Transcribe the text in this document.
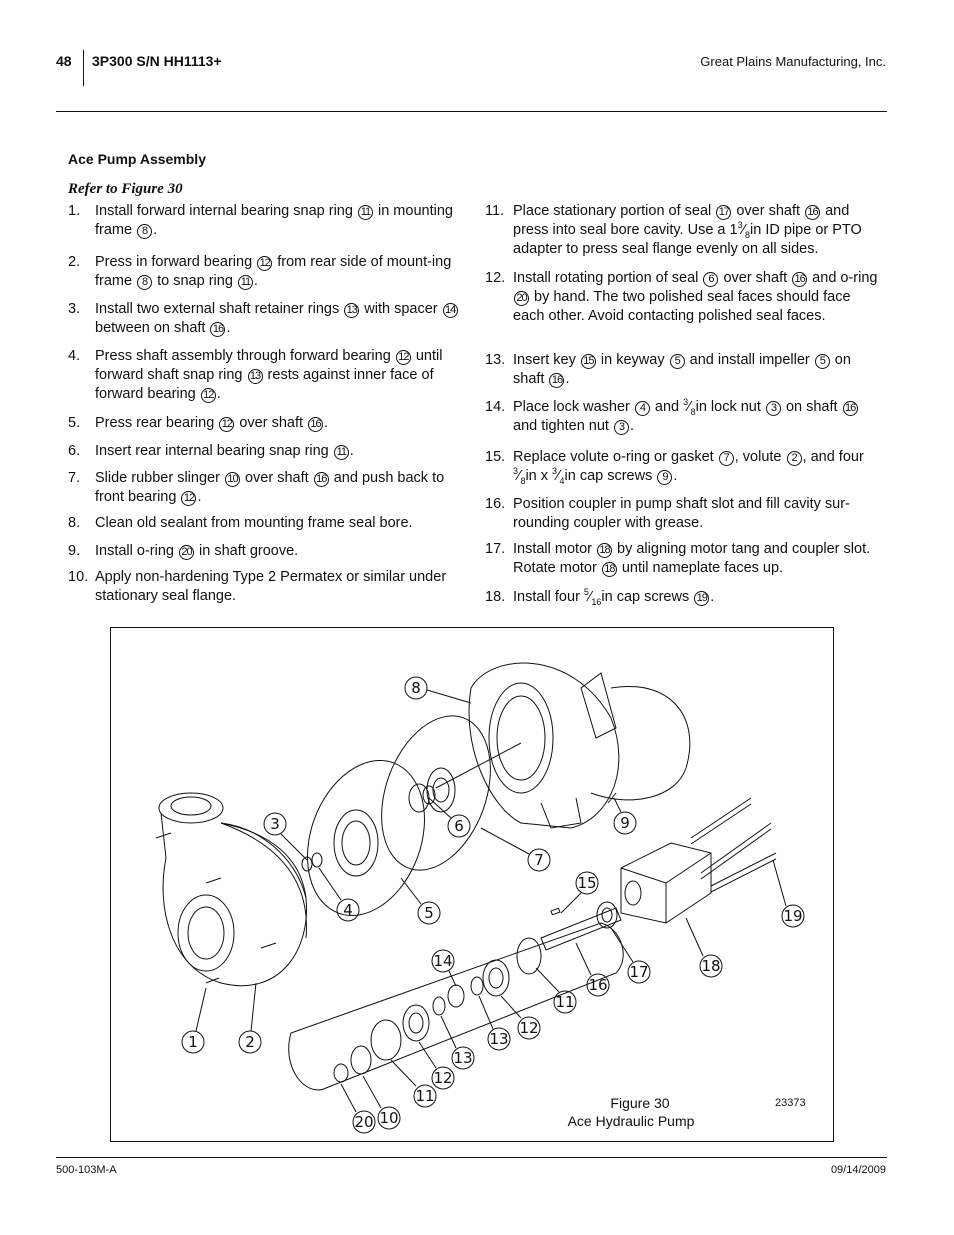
48 3P300 S/N HH1113+	Great Plains Manufacturing, Inc.
Ace Pump Assembly
Refer to Figure 30
1. Install forward internal bearing snap ring 11 in mounting frame 8 .
2. Press in forward bearing 12 from rear side of mount-ing frame 8 to snap ring 11 .
3. Install two external shaft retainer rings 13 with spacer 14 between on shaft 16 .
4. Press shaft assembly through forward bearing 12 until forward shaft snap ring 13 rests against inner face of forward bearing 12 .
5. Press rear bearing 12 over shaft 16 .
6. Insert rear internal bearing snap ring 11 .
7. Slide rubber slinger 10 over shaft 16 and push back to front bearing 12 .
8. Clean old sealant from mounting frame seal bore.
9. Install o-ring 20 in shaft groove.
10. Apply non-hardening Type 2 Permatex or similar under stationary seal flange.
11. Place stationary portion of seal 17 over shaft 16 and press into seal bore cavity. Use a $1^3⁄_8in$ ID pipe or PTO adapter to press seal flange evenly on all sides.
12. Install rotating portion of seal 6 over shaft 16 and o-ring 20 by hand. The two polished seal faces should face each other. Avoid contacting polished seal faces.
13. Insert key 15 in keyway 5 and install impeller 5 on shaft 16 .
14. Place lock washer 4 and $^3⁄_8in$ lock nut 3 on shaft 16 and tighten nut 3 .
15. Replace volute o-ring or gasket 7 , volute 2 , and four $^3⁄_8in$ x $^3⁄_4in$ cap screws 9 .
16. Position coupler in pump shaft slot and fill cavity sur-rounding coupler with grease.
17. Install motor 18 by aligning motor tang and coupler slot. Rotate motor 18 until nameplate faces up.
18. Install four $^5⁄_{16}in$ cap screws 19 .
8
6
7
9
3
4	5
15
19
18
17
16
11
12
13
14
13
12
11
1	2
10
20
Figure 30
Ace Hydraulic Pump
23373
500-103M-A	09/14/2009
